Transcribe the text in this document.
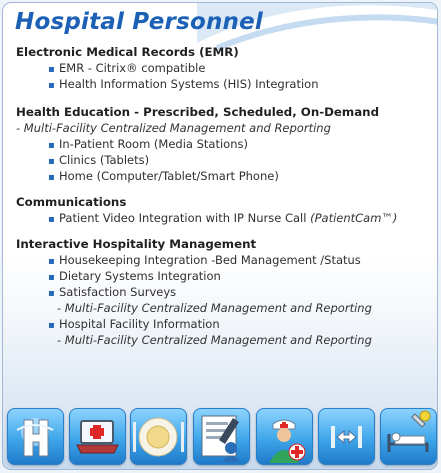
Hospital Personnel
Electronic Medical Records (EMR)
▪ EMR - Citrix® compatible
▪ Health Information Systems (HIS) Integration
Health Education - Prescribed, Scheduled, On-Demand
- Multi-Facility Centralized Management and Reporting
▪ In-Patient Room (Media Stations)
▪ Clinics (Tablets)
▪ Home (Computer/Tablet/Smart Phone)
Communications
▪ Patient Video Integration with IP Nurse Call (PatientCam™)
Interactive Hospitality Management
▪ Housekeeping Integration -Bed Management /Status
▪ Dietary Systems Integration
▪ Satisfaction Surveys
- Multi-Facility Centralized Management and Reporting
▪ Hospital Facility Information
- Multi-Facility Centralized Management and Reporting
